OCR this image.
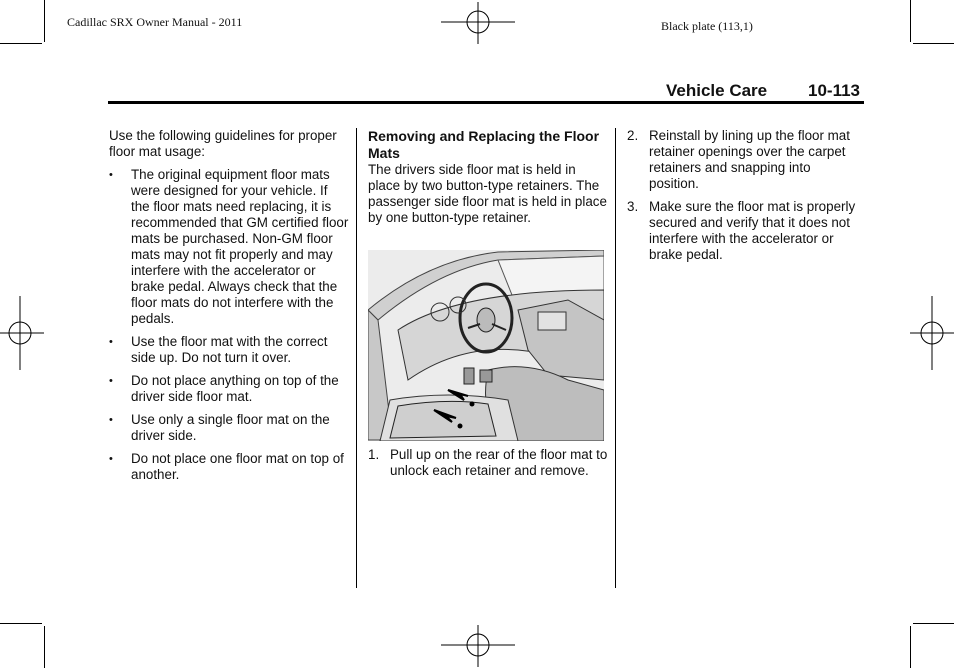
Cadillac SRX Owner Manual - 2011	Black plate (113,1)
Vehicle Care 10-113

Use the following guidelines for proper floor mat usage:

• The original equipment floor mats were designed for your vehicle. If the floor mats need replacing, it is recommended that GM certified floor mats be purchased. Non-GM floor mats may not fit properly and may interfere with the accelerator or brake pedal. Always check that the floor mats do not interfere with the pedals.
• Use the floor mat with the correct side up. Do not turn it over.
• Do not place anything on top of the driver side floor mat.
• Use only a single floor mat on the driver side.
• Do not place one floor mat on top of another.

Removing and Replacing the Floor Mats

The drivers side floor mat is held in place by two button-type retainers. The passenger side floor mat is held in place by one button-type retainer.

1. Pull up on the rear of the floor mat to unlock each retainer and remove.
2. Reinstall by lining up the floor mat retainer openings over the carpet retainers and snapping into position.
3. Make sure the floor mat is properly secured and verify that it does not interfere with the accelerator or brake pedal.
